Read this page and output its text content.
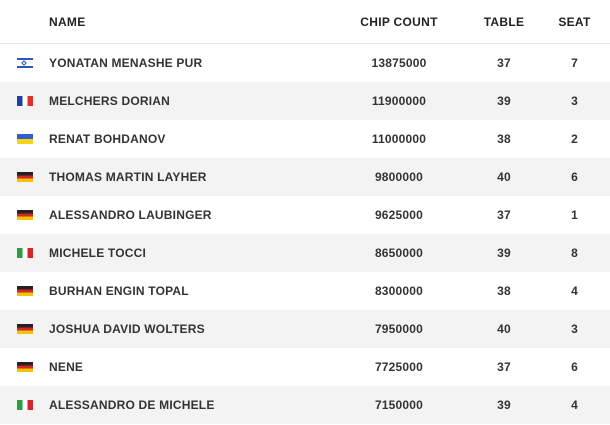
NAME	CHIP COUNT	TABLE	SEAT
YONATAN MENASHE PUR	13875000	37	7
MELCHERS DORIAN	11900000	39	3
RENAT BOHDANOV	11000000	38	2
THOMAS MARTIN LAYHER	9800000	40	6
ALESSANDRO LAUBINGER	9625000	37	1
MICHELE TOCCI	8650000	39	8
BURHAN ENGIN TOPAL	8300000	38	4
JOSHUA DAVID WOLTERS	7950000	40	3
NENE	7725000	37	6
ALESSANDRO DE MICHELE	7150000	39	4
